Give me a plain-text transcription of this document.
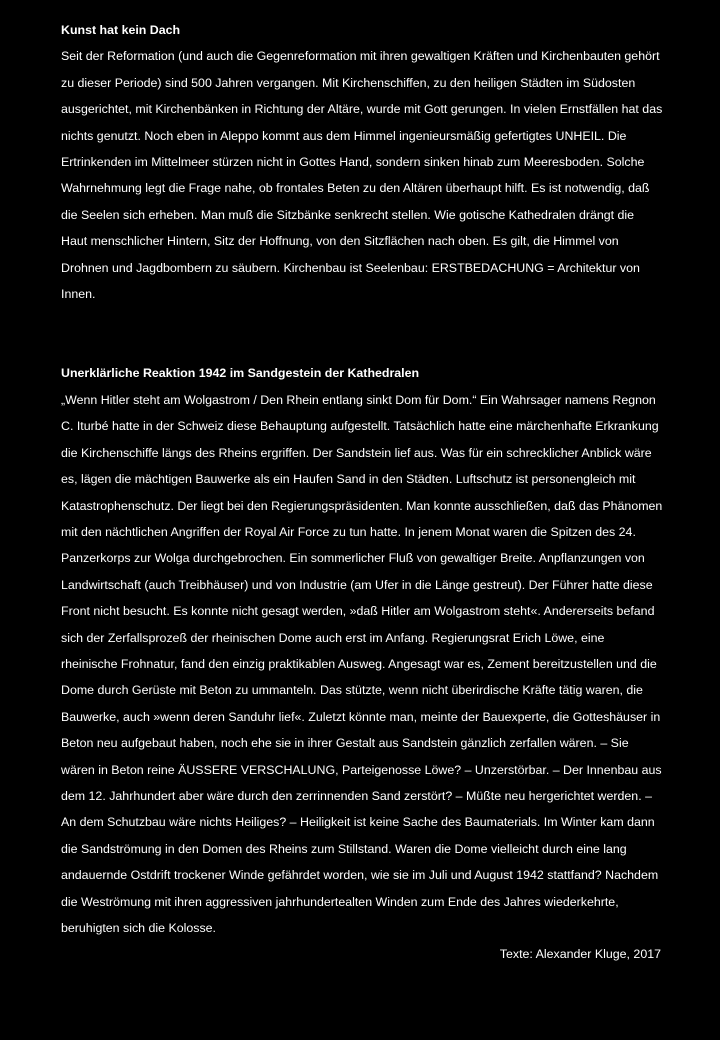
Kunst hat kein Dach

Seit der Reformation (und auch die Gegenreformation mit ihren gewaltigen Kräften und Kirchenbauten gehört zu dieser Periode) sind 500 Jahren vergangen. Mit Kirchenschiffen, zu den heiligen Städten im Südosten ausgerichtet, mit Kirchenbänken in Richtung der Altäre, wurde mit Gott gerungen. In vielen Ernstfällen hat das nichts genutzt. Noch eben in Aleppo kommt aus dem Himmel ingenieursmäßig gefertigtes UNHEIL. Die Ertrinkenden im Mittelmeer stürzen nicht in Gottes Hand, sondern sinken hinab zum Meeresboden. Solche Wahrnehmung legt die Frage nahe, ob frontales Beten zu den Altären überhaupt hilft. Es ist notwendig, daß die Seelen sich erheben. Man muß die Sitzbänke senkrecht stellen. Wie gotische Kathedralen drängt die Haut menschlicher Hintern, Sitz der Hoffnung, von den Sitzflächen nach oben. Es gilt, die Himmel von Drohnen und Jagdbombern zu säubern. Kirchenbau ist Seelenbau: ERSTBEDACHUNG = Architektur von Innen.

Unerklärliche Reaktion 1942 im Sandgestein der Kathedralen

„Wenn Hitler steht am Wolgastrom / Den Rhein entlang sinkt Dom für Dom.“ Ein Wahrsager namens Regnon C. Iturbé hatte in der Schweiz diese Behauptung aufgestellt. Tatsächlich hatte eine märchenhafte Erkrankung die Kirchenschiffe längs des Rheins ergriffen. Der Sandstein lief aus. Was für ein schrecklicher Anblick wäre es, lägen die mächtigen Bauwerke als ein Haufen Sand in den Städten. Luftschutz ist personengleich mit Katastrophenschutz. Der liegt bei den Regierungspräsidenten. Man konnte ausschließen, daß das Phänomen mit den nächtlichen Angriffen der Royal Air Force zu tun hatte. In jenem Monat waren die Spitzen des 24. Panzerkorps zur Wolga durchgebrochen. Ein sommerlicher Fluß von gewaltiger Breite. Anpflanzungen von Landwirtschaft (auch Treibhäuser) und von Industrie (am Ufer in die Länge gestreut). Der Führer hatte diese Front nicht besucht. Es konnte nicht gesagt werden, »daß Hitler am Wolgastrom steht«. Andererseits befand sich der Zerfallsprozeß der rheinischen Dome auch erst im Anfang. Regierungsrat Erich Löwe, eine rheinische Frohnatur, fand den einzig praktikablen Ausweg. Angesagt war es, Zement bereitzustellen und die Dome durch Gerüste mit Beton zu ummanteln. Das stützte, wenn nicht überirdische Kräfte tätig waren, die Bauwerke, auch »wenn deren Sanduhr lief«. Zuletzt könnte man, meinte der Bauexperte, die Gotteshäuser in Beton neu aufgebaut haben, noch ehe sie in ihrer Gestalt aus Sandstein gänzlich zerfallen wären. – Sie wären in Beton reine ÄUSSERE VERSCHALUNG, Parteigenosse Löwe? – Unzerstörbar. – Der Innenbau aus dem 12. Jahrhundert aber wäre durch den zerrinnenden Sand zerstört? – Müßte neu hergerichtet werden. – An dem Schutzbau wäre nichts Heiliges? – Heiligkeit ist keine Sache des Baumaterials. Im Winter kam dann die Sandströmung in den Domen des Rheins zum Stillstand. Waren die Dome vielleicht durch eine lang andauernde Ostdrift trockener Winde gefährdet worden, wie sie im Juli und August 1942 stattfand? Nachdem die Weströmung mit ihren aggressiven jahrhundertealten Winden zum Ende des Jahres wiederkehrte, beruhigten sich die Kolosse.

Texte: Alexander Kluge, 2017
